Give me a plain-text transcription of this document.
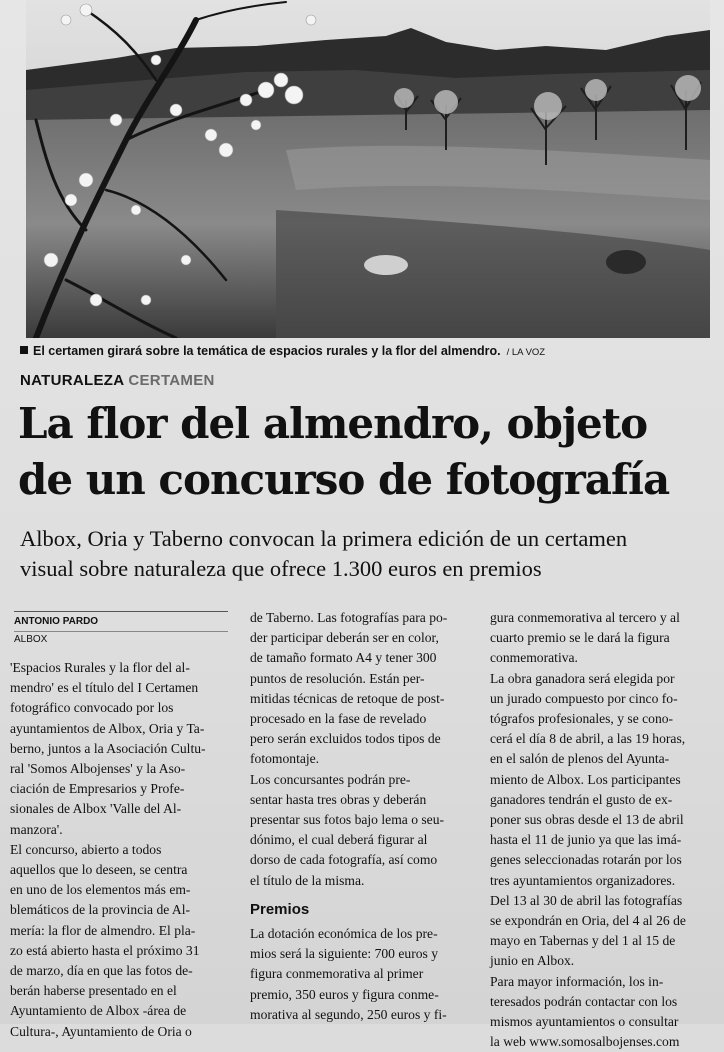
El certamen girará sobre la temática de espacios rurales y la flor del almendro. / LA VOZ
NATURALEZA CERTAMEN
La flor del almendro, objeto
de un concurso de fotografía
Albox, Oria y Taberno convocan la primera edición de un certamen
visual sobre naturaleza que ofrece 1.300 euros en premios
ANTONIO PARDO
ALBOX
'Espacios Rurales y la flor del al-
mendro' es el título del I Certamen
fotográfico convocado por los
ayuntamientos de Albox, Oria y Ta-
berno, juntos a la Asociación Cultu-
ral 'Somos Albojenses' y la Aso-
ciación de Empresarios y Profe-
sionales de Albox 'Valle del Al-
manzora'.
El concurso, abierto a todos
aquellos que lo deseen, se centra
en uno de los elementos más em-
blemáticos de la provincia de Al-
mería: la flor de almendro. El pla-
zo está abierto hasta el próximo 31
de marzo, día en que las fotos de-
berán haberse presentado en el
Ayuntamiento de Albox -área de
Cultura-, Ayuntamiento de Oria o
de Taberno. Las fotografías para po-
der participar deberán ser en color,
de tamaño formato A4 y tener 300
puntos de resolución. Están per-
mitidas técnicas de retoque de post-
procesado en la fase de revelado
pero serán excluidos todos tipos de
fotomontaje.
Los concursantes podrán pre-
sentar hasta tres obras y deberán
presentar sus fotos bajo lema o seu-
dónimo, el cual deberá figurar al
dorso de cada fotografía, así como
el título de la misma.
Premios
La dotación económica de los pre-
mios será la siguiente: 700 euros y
figura conmemorativa al primer
premio, 350 euros y figura conme-
morativa al segundo, 250 euros y fi-
gura conmemorativa al tercero y al
cuarto premio se le dará la figura
conmemorativa.
La obra ganadora será elegida por
un jurado compuesto por cinco fo-
tógrafos profesionales, y se cono-
cerá el día 8 de abril, a las 19 horas,
en el salón de plenos del Ayunta-
miento de Albox. Los participantes
ganadores tendrán el gusto de ex-
poner sus obras desde el 13 de abril
hasta el 11 de junio ya que las imá-
genes seleccionadas rotarán por los
tres ayuntamientos organizadores.
Del 13 al 30 de abril las fotografías
se expondrán en Oria, del 4 al 26 de
mayo en Tabernas y del 1 al 15 de
junio en Albox.
Para mayor información, los in-
teresados podrán contactar con los
mismos ayuntamientos o consultar
la web www.somosalbojenses.com
